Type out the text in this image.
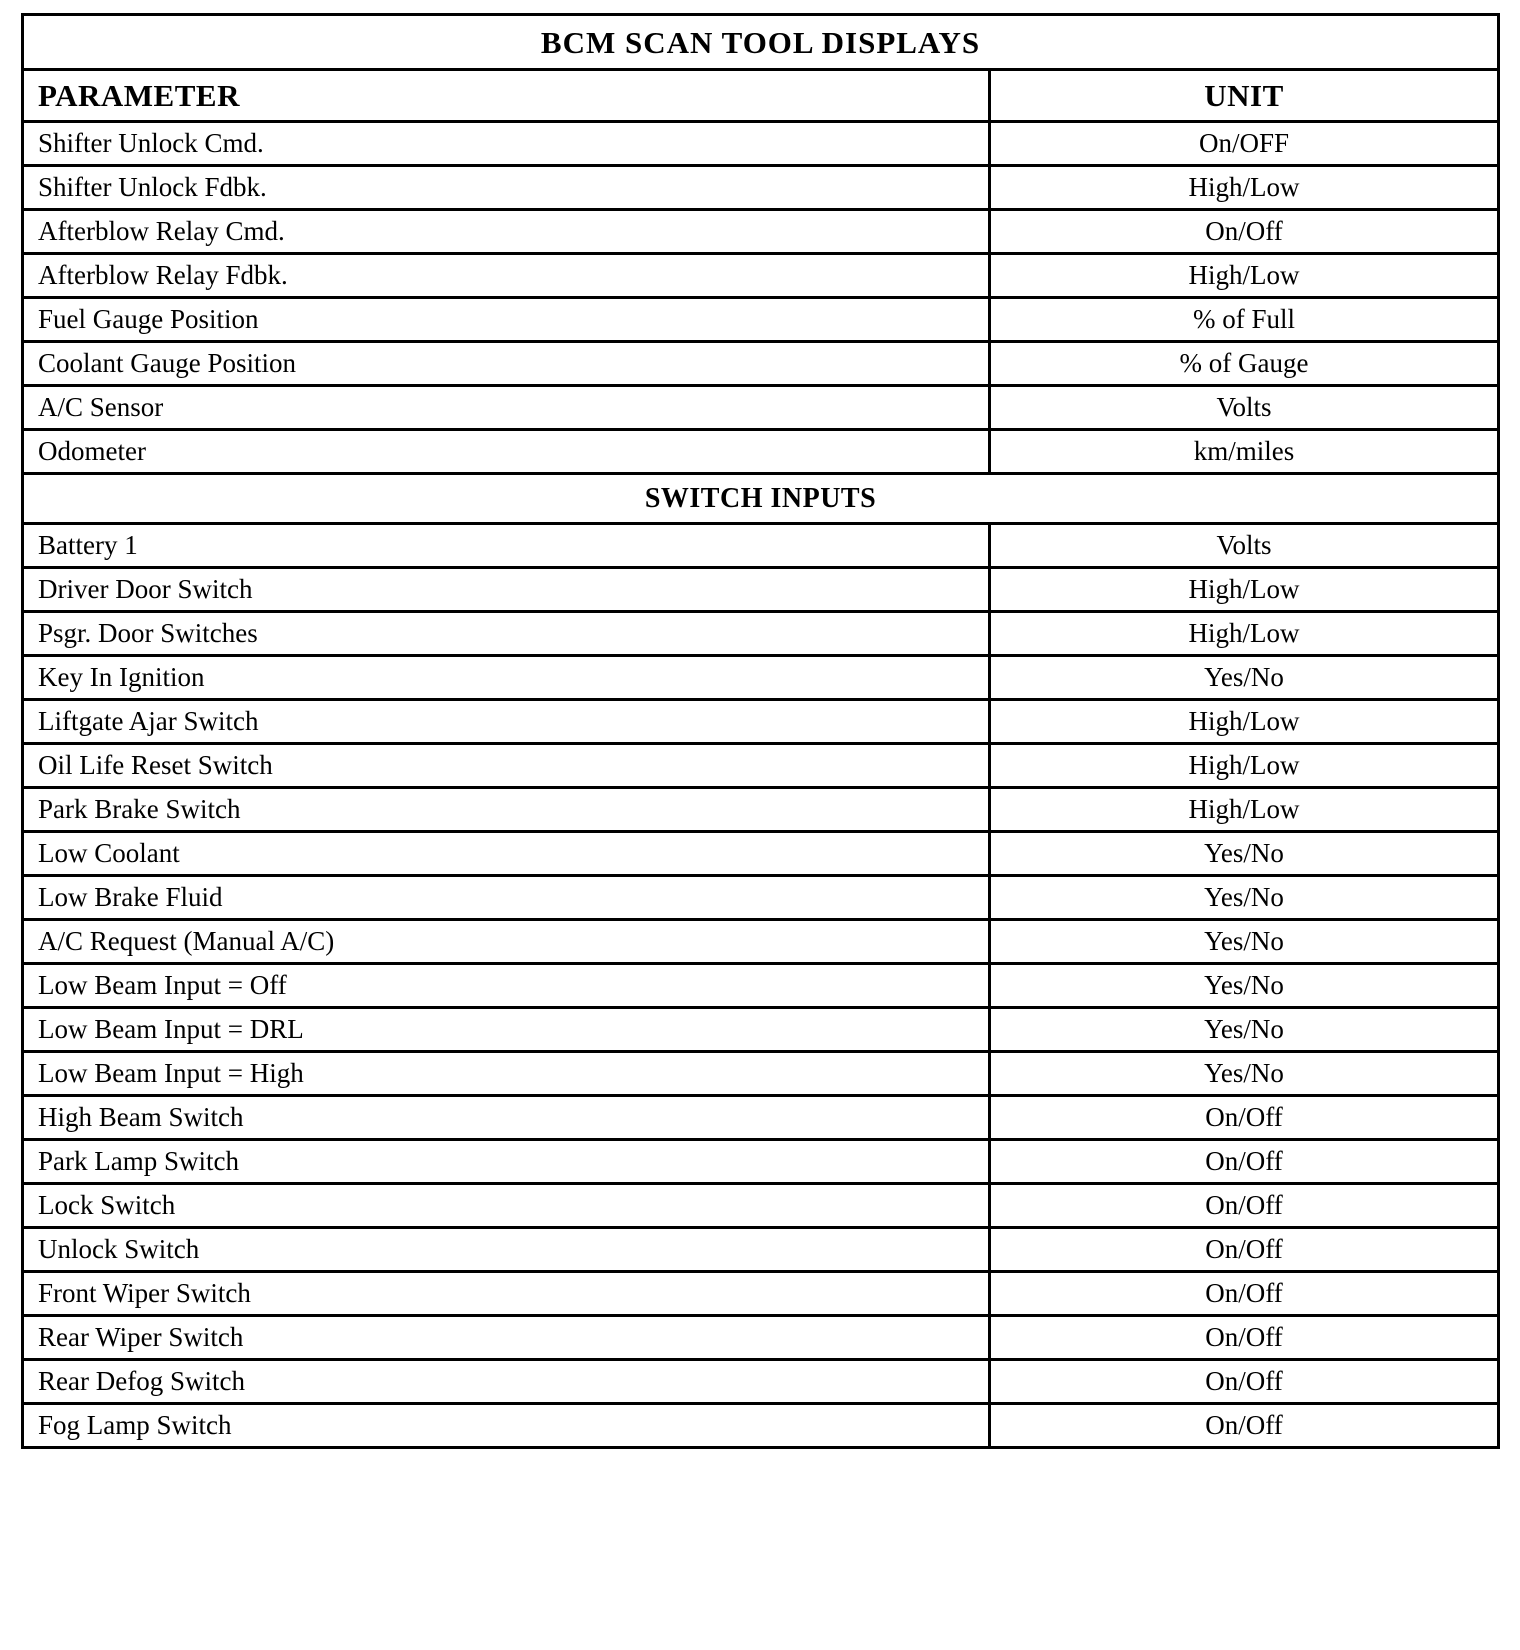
BCM SCAN TOOL DISPLAYS	
PARAMETER	UNIT
Shifter Unlock Cmd.	On/OFF
Shifter Unlock Fdbk.	High/Low
Afterblow Relay Cmd.	On/Off
Afterblow Relay Fdbk.	High/Low
Fuel Gauge Position	% of Full
Coolant Gauge Position	% of Gauge
A/C Sensor	Volts
Odometer	km/miles
SWITCH INPUTS	
Battery 1	Volts
Driver Door Switch	High/Low
Psgr. Door Switches	High/Low
Key In Ignition	Yes/No
Liftgate Ajar Switch	High/Low
Oil Life Reset Switch	High/Low
Park Brake Switch	High/Low
Low Coolant	Yes/No
Low Brake Fluid	Yes/No
A/C Request (Manual A/C)	Yes/No
Low Beam Input = Off	Yes/No
Low Beam Input = DRL	Yes/No
Low Beam Input = High	Yes/No
High Beam Switch	On/Off
Park Lamp Switch	On/Off
Lock Switch	On/Off
Unlock Switch	On/Off
Front Wiper Switch	On/Off
Rear Wiper Switch	On/Off
Rear Defog Switch	On/Off
Fog Lamp Switch	On/Off
